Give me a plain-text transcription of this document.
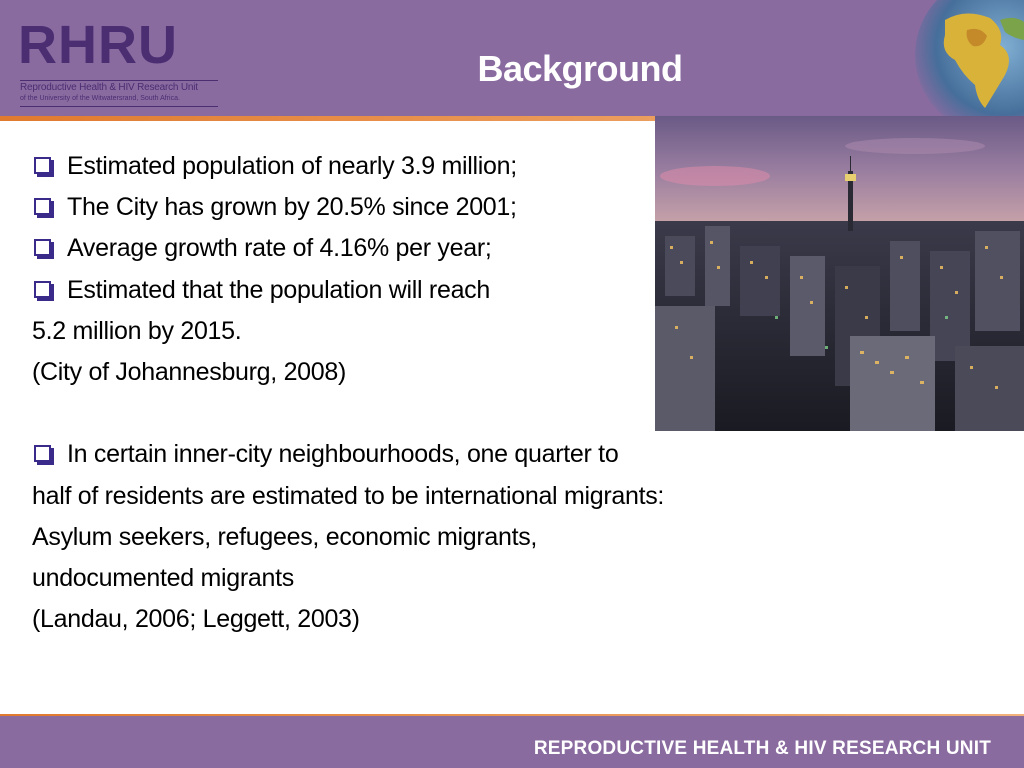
RHRU
Reproductive Health & HIV Research Unit
of the University of the Witwatersrand, South Africa.
Background
Estimated population of nearly 3.9 million;
The City has grown by 20.5% since 2001;
Average growth rate of 4.16% per year;
Estimated that the population will reach
5.2 million by 2015.
(City of Johannesburg, 2008)
In certain inner-city neighbourhoods, one quarter to
half of residents are estimated to be international migrants:
Asylum seekers, refugees, economic migrants,
undocumented migrants
(Landau, 2006; Leggett, 2003)
REPRODUCTIVE HEALTH & HIV RESEARCH UNIT
